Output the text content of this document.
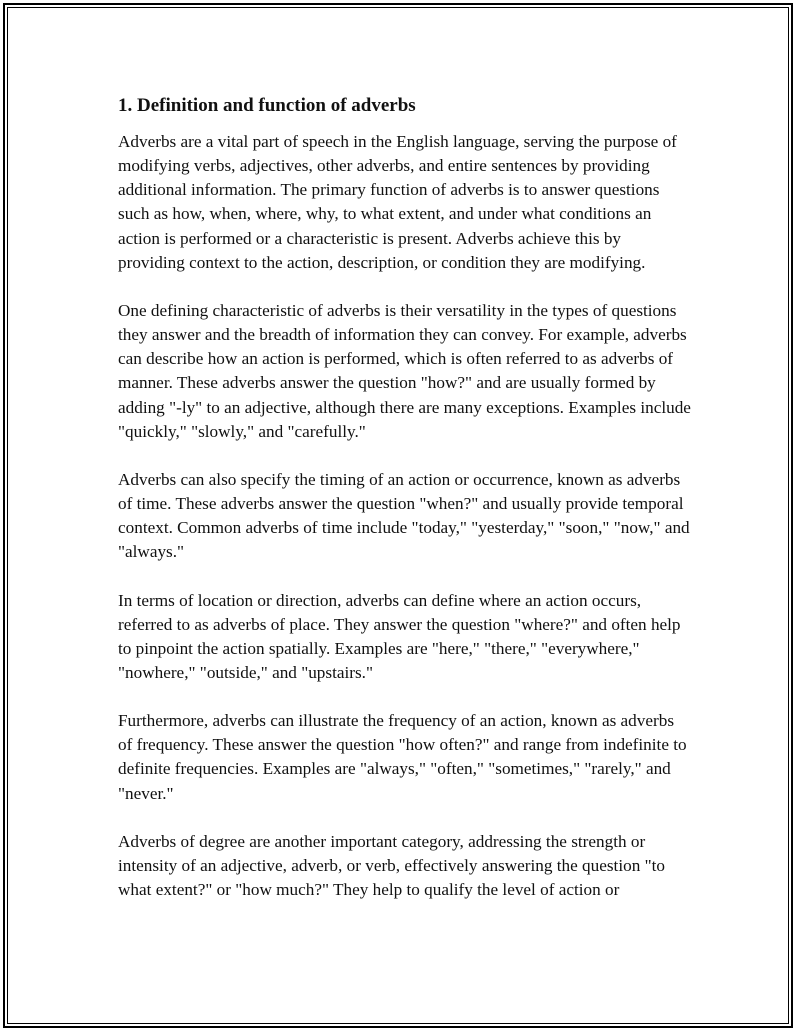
1. Definition and function of adverbs

Adverbs are a vital part of speech in the English language, serving the purpose of modifying verbs, adjectives, other adverbs, and entire sentences by providing additional information. The primary function of adverbs is to answer questions such as how, when, where, why, to what extent, and under what conditions an action is performed or a characteristic is present. Adverbs achieve this by providing context to the action, description, or condition they are modifying.

One defining characteristic of adverbs is their versatility in the types of questions they answer and the breadth of information they can convey. For example, adverbs can describe how an action is performed, which is often referred to as adverbs of manner. These adverbs answer the question "how?" and are usually formed by adding "-ly" to an adjective, although there are many exceptions. Examples include "quickly," "slowly," and "carefully."

Adverbs can also specify the timing of an action or occurrence, known as adverbs of time. These adverbs answer the question "when?" and usually provide temporal context. Common adverbs of time include "today," "yesterday," "soon," "now," and "always."

In terms of location or direction, adverbs can define where an action occurs, referred to as adverbs of place. They answer the question "where?" and often help to pinpoint the action spatially. Examples are "here," "there," "everywhere," "nowhere," "outside," and "upstairs."

Furthermore, adverbs can illustrate the frequency of an action, known as adverbs of frequency. These answer the question "how often?" and range from indefinite to definite frequencies. Examples are "always," "often," "sometimes," "rarely," and "never."

Adverbs of degree are another important category, addressing the strength or intensity of an adjective, adverb, or verb, effectively answering the question "to what extent?" or "how much?" They help to qualify the level of action or
